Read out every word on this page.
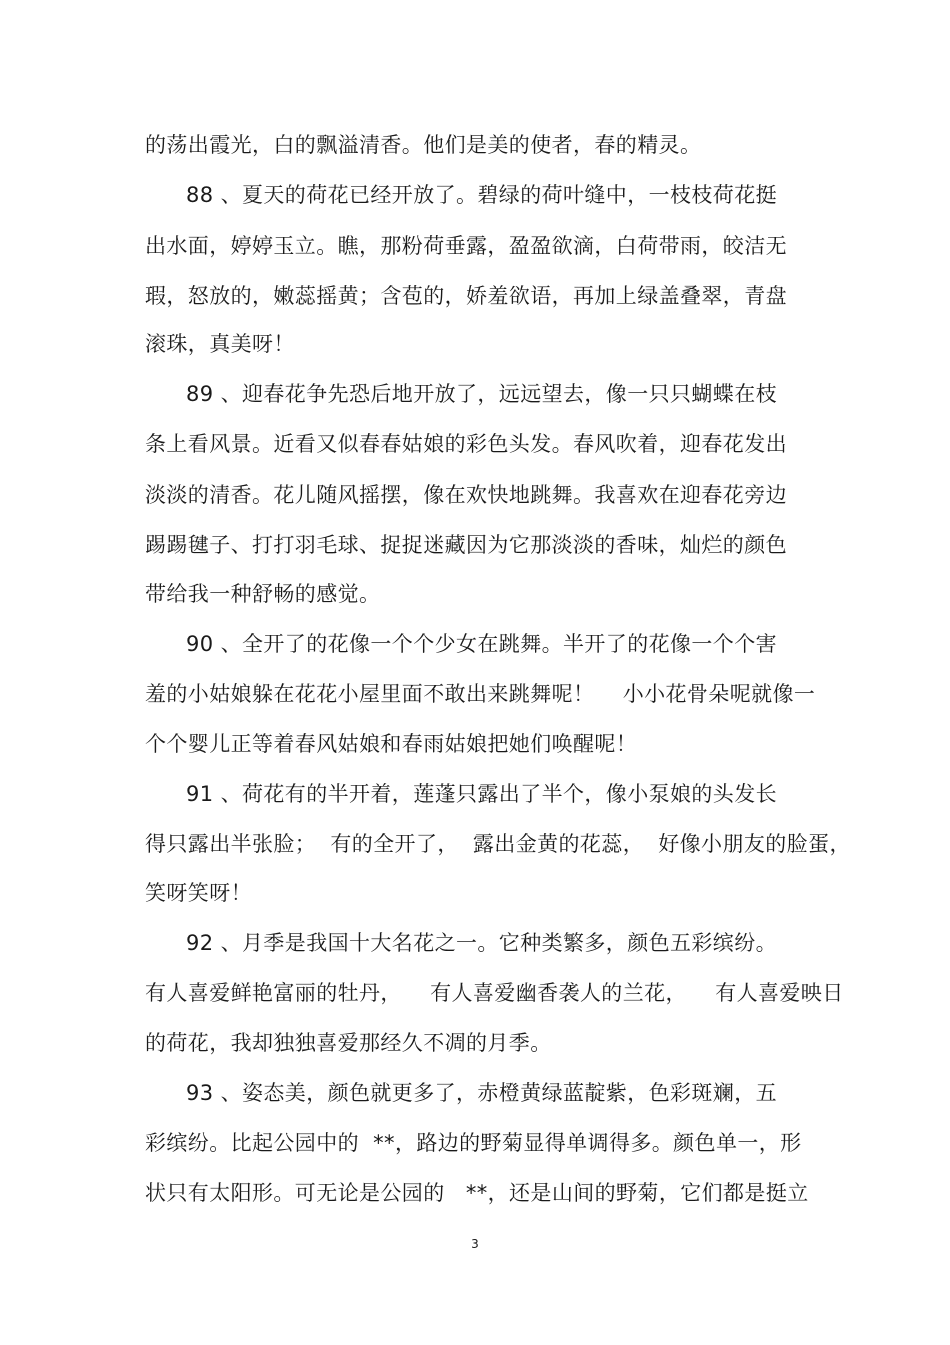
的荡出霞光，白的飘溢清香。他们是美的使者，春的精灵。
88 、夏天的荷花已经开放了。碧绿的荷叶缝中，一枝枝荷花挺
出水面，婷婷玉立。瞧，那粉荷垂露，盈盈欲滴，白荷带雨，皎洁无
瑕，怒放的，嫩蕊摇黄；含苞的，娇羞欲语，再加上绿盖叠翠，青盘
滚珠，真美呀！
89 、迎春花争先恐后地开放了，远远望去，像一只只蝴蝶在枝
条上看风景。近看又似春春姑娘的彩色头发。春风吹着，迎春花发出
淡淡的清香。花儿随风摇摆，像在欢快地跳舞。我喜欢在迎春花旁边
踢踢毽子、打打羽毛球、捉捉迷藏因为它那淡淡的香味，灿烂的颜色
带给我一种舒畅的感觉。
90 、全开了的花像一个个少女在跳舞。半开了的花像一个个害
羞的小姑娘躲在花花小屋里面不敢出来跳舞呢！    小小花骨朵呢就像一
个个婴儿正等着春风姑娘和春雨姑娘把她们唤醒呢！
91 、荷花有的半开着，莲蓬只露出了半个，像小泵娘的头发长
得只露出半张脸；  有的全开了，  露出金黄的花蕊，  好像小朋友的脸蛋，
笑呀笑呀！
92 、月季是我国十大名花之一。它种类繁多，颜色五彩缤纷。
有人喜爱鲜艳富丽的牡丹，    有人喜爱幽香袭人的兰花，    有人喜爱映日
的荷花，我却独独喜爱那经久不凋的月季。
93 、姿态美，颜色就更多了，赤橙黄绿蓝靛紫，色彩斑斓，五
彩缤纷。比起公园中的  **，路边的野菊显得单调得多。颜色单一，形
状只有太阳形。可无论是公园的   **，还是山间的野菊，它们都是挺立
3
